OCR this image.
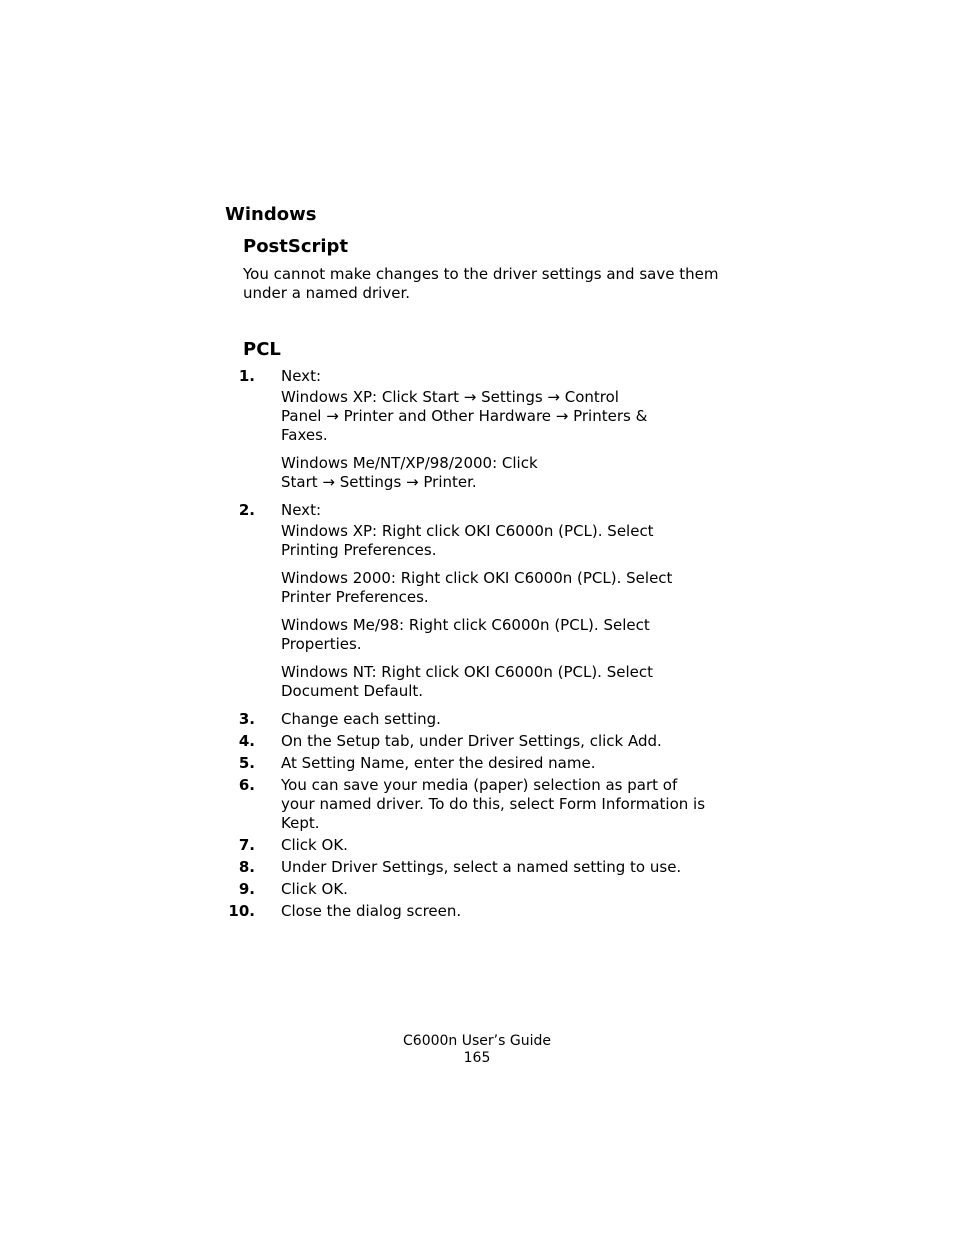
Windows
PostScript

You cannot make changes to the driver settings and save them

under a named driver.

PCL
1. Next:
Windows XP: Click Start → Settings → Control
Panel → Printer and Other Hardware → Printers &
Faxes.
Windows Me/NT/XP/98/2000: Click
Start → Settings → Printer.
2. Next:
Windows XP: Right click OKI C6000n (PCL). Select
Printing Preferences.
Windows 2000: Right click OKI C6000n (PCL). Select
Printer Preferences.
Windows Me/98: Right click C6000n (PCL). Select
Properties.
Windows NT: Right click OKI C6000n (PCL). Select
Document Default.
3. Change each setting.
4. On the Setup tab, under Driver Settings, click Add.
5. At Setting Name, enter the desired name.
6. You can save your media (paper) selection as part of
your named driver. To do this, select Form Information is
Kept.
7. Click OK.
8. Under Driver Settings, select a named setting to use.
9. Click OK.
10. Close the dialog screen.
C6000n User’s Guide
165
